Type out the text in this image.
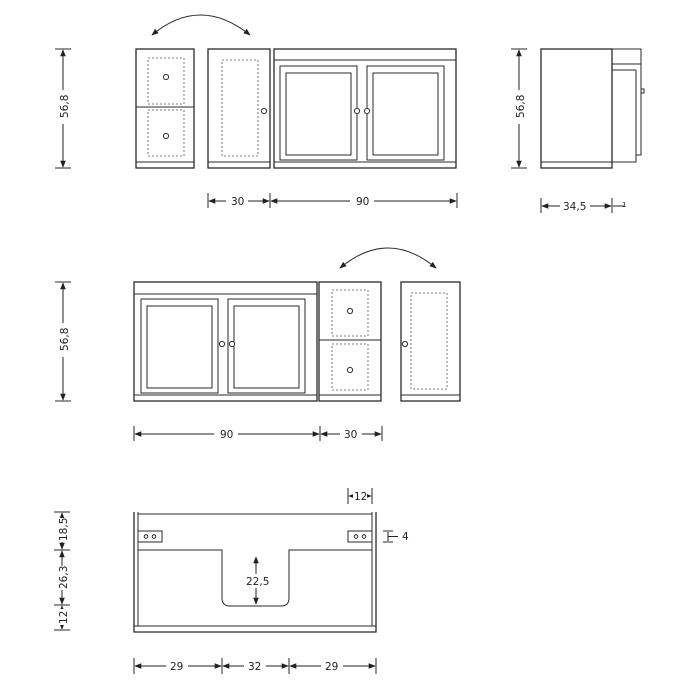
56,8
30	90
56,8
34,5	1
56,8
90	30
12
4
18,5
26,3
12
22,5
29	32	29
